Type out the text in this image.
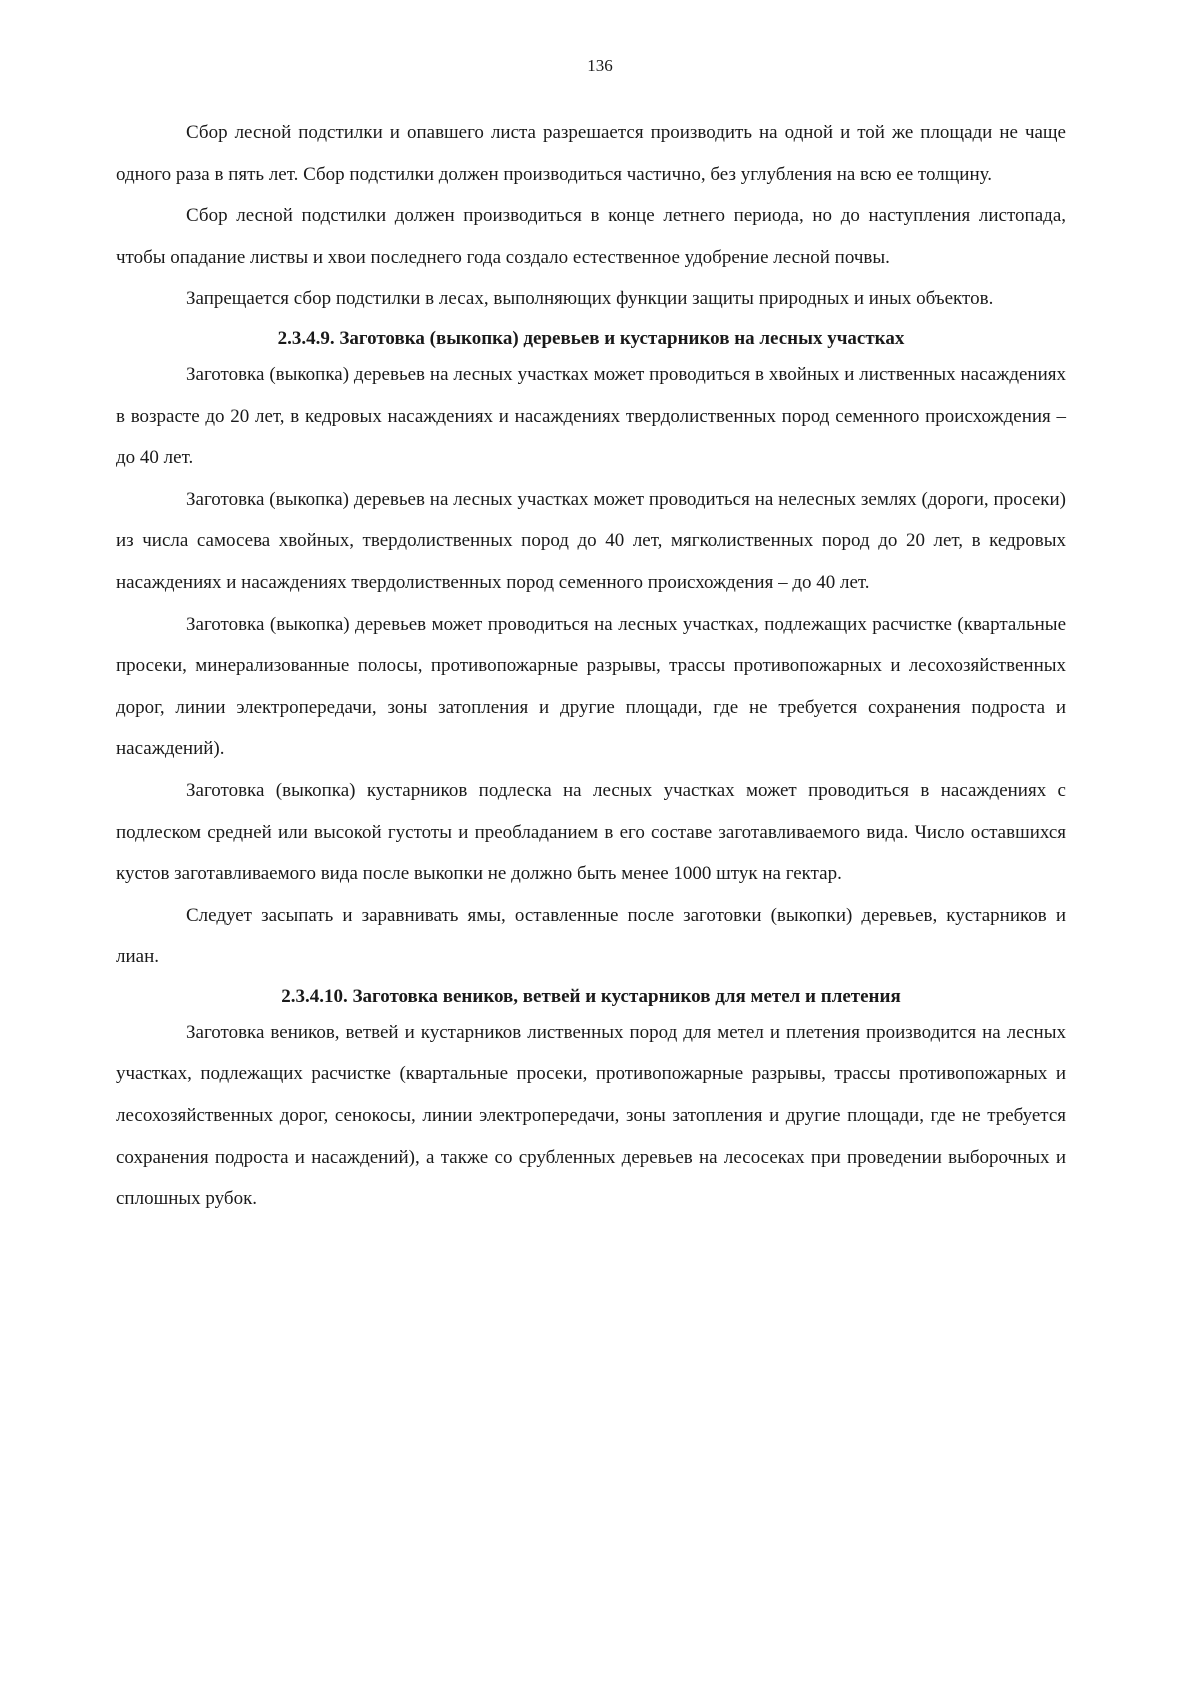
136

Сбор лесной подстилки и опавшего листа разрешается производить на одной и той же площади не чаще одного раза в пять лет. Сбор подстилки должен производиться частично, без углубления на всю ее толщину.

Сбор лесной подстилки должен производиться в конце летнего периода, но до наступления листопада, чтобы опадание листвы и хвои последнего года создало естественное удобрение лесной почвы.

Запрещается сбор подстилки в лесах, выполняющих функции защиты природных и иных объектов.

2.3.4.9. Заготовка (выкопка) деревьев и кустарников на лесных участках

Заготовка (выкопка) деревьев на лесных участках может проводиться в хвойных и лиственных насаждениях в возрасте до 20 лет, в кедровых насаждениях и насаждениях твердолиственных пород семенного происхождения – до 40 лет.

Заготовка (выкопка) деревьев на лесных участках может проводиться на нелесных землях (дороги, просеки) из числа самосева хвойных, твердолиственных пород до 40 лет, мягколиственных пород до 20 лет, в кедровых насаждениях и насаждениях твердолиственных пород семенного происхождения – до 40 лет.

Заготовка (выкопка) деревьев может проводиться на лесных участках, подлежащих расчистке (квартальные просеки, минерализованные полосы, противопожарные разрывы, трассы противопожарных и лесохозяйственных дорог, линии электропередачи, зоны затопления и другие площади, где не требуется сохранения подроста и насаждений).

Заготовка (выкопка) кустарников подлеска на лесных участках может проводиться в насаждениях с подлеском средней или высокой густоты и преобладанием в его составе заготавливаемого вида. Число оставшихся кустов заготавливаемого вида после выкопки не должно быть менее 1000 штук на гектар.

Следует засыпать и заравнивать ямы, оставленные после заготовки (выкопки) деревьев, кустарников и лиан.

2.3.4.10. Заготовка веников, ветвей и кустарников для метел и плетения

Заготовка веников, ветвей и кустарников лиственных пород для метел и плетения производится на лесных участках, подлежащих расчистке (квартальные просеки, противопожарные разрывы, трассы противопожарных и лесохозяйственных дорог, сенокосы, линии электропередачи, зоны затопления и другие площади, где не требуется сохранения подроста и насаждений), а также со срубленных деревьев на лесосеках при проведении выборочных и сплошных рубок.
